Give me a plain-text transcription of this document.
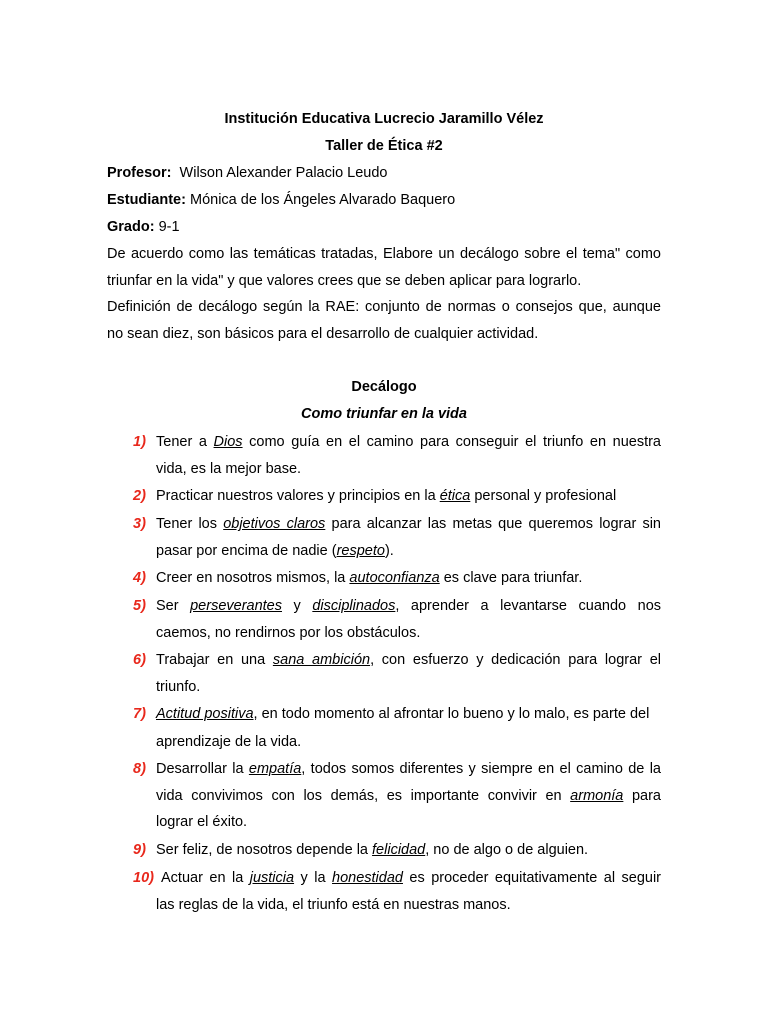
Institución Educativa Lucrecio Jaramillo Vélez
Taller de Ética #2
Profesor: Wilson Alexander Palacio Leudo
Estudiante: Mónica de los Ángeles Alvarado Baquero
Grado: 9-1
De acuerdo como las temáticas tratadas, Elabore un decálogo sobre el tema" como
triunfar en la vida" y que valores crees que se deben aplicar para lograrlo.
Definición de decálogo según la RAE: conjunto de normas o consejos que, aunque
no sean diez, son básicos para el desarrollo de cualquier actividad.
Decálogo
Como triunfar en la vida
1) Tener a Dios como guía en el camino para conseguir el triunfo en nuestra
vida, es la mejor base.
2) Practicar nuestros valores y principios en la ética personal y profesional
3) Tener los objetivos claros para alcanzar las metas que queremos lograr sin
pasar por encima de nadie (respeto).
4) Creer en nosotros mismos, la autoconfianza es clave para triunfar.
5) Ser perseverantes y disciplinados, aprender a levantarse cuando nos
caemos, no rendirnos por los obstáculos.
6) Trabajar en una sana ambición, con esfuerzo y dedicación para lograr el
triunfo.
7) Actitud positiva, en todo momento al afrontar lo bueno y lo malo, es parte del
aprendizaje de la vida.
8) Desarrollar la empatía, todos somos diferentes y siempre en el camino de la
vida convivimos con los demás, es importante convivir en armonía para
lograr el éxito.
9) Ser feliz, de nosotros depende la felicidad, no de algo o de alguien.
10) Actuar en la justicia y la honestidad es proceder equitativamente al seguir
las reglas de la vida, el triunfo está en nuestras manos.
